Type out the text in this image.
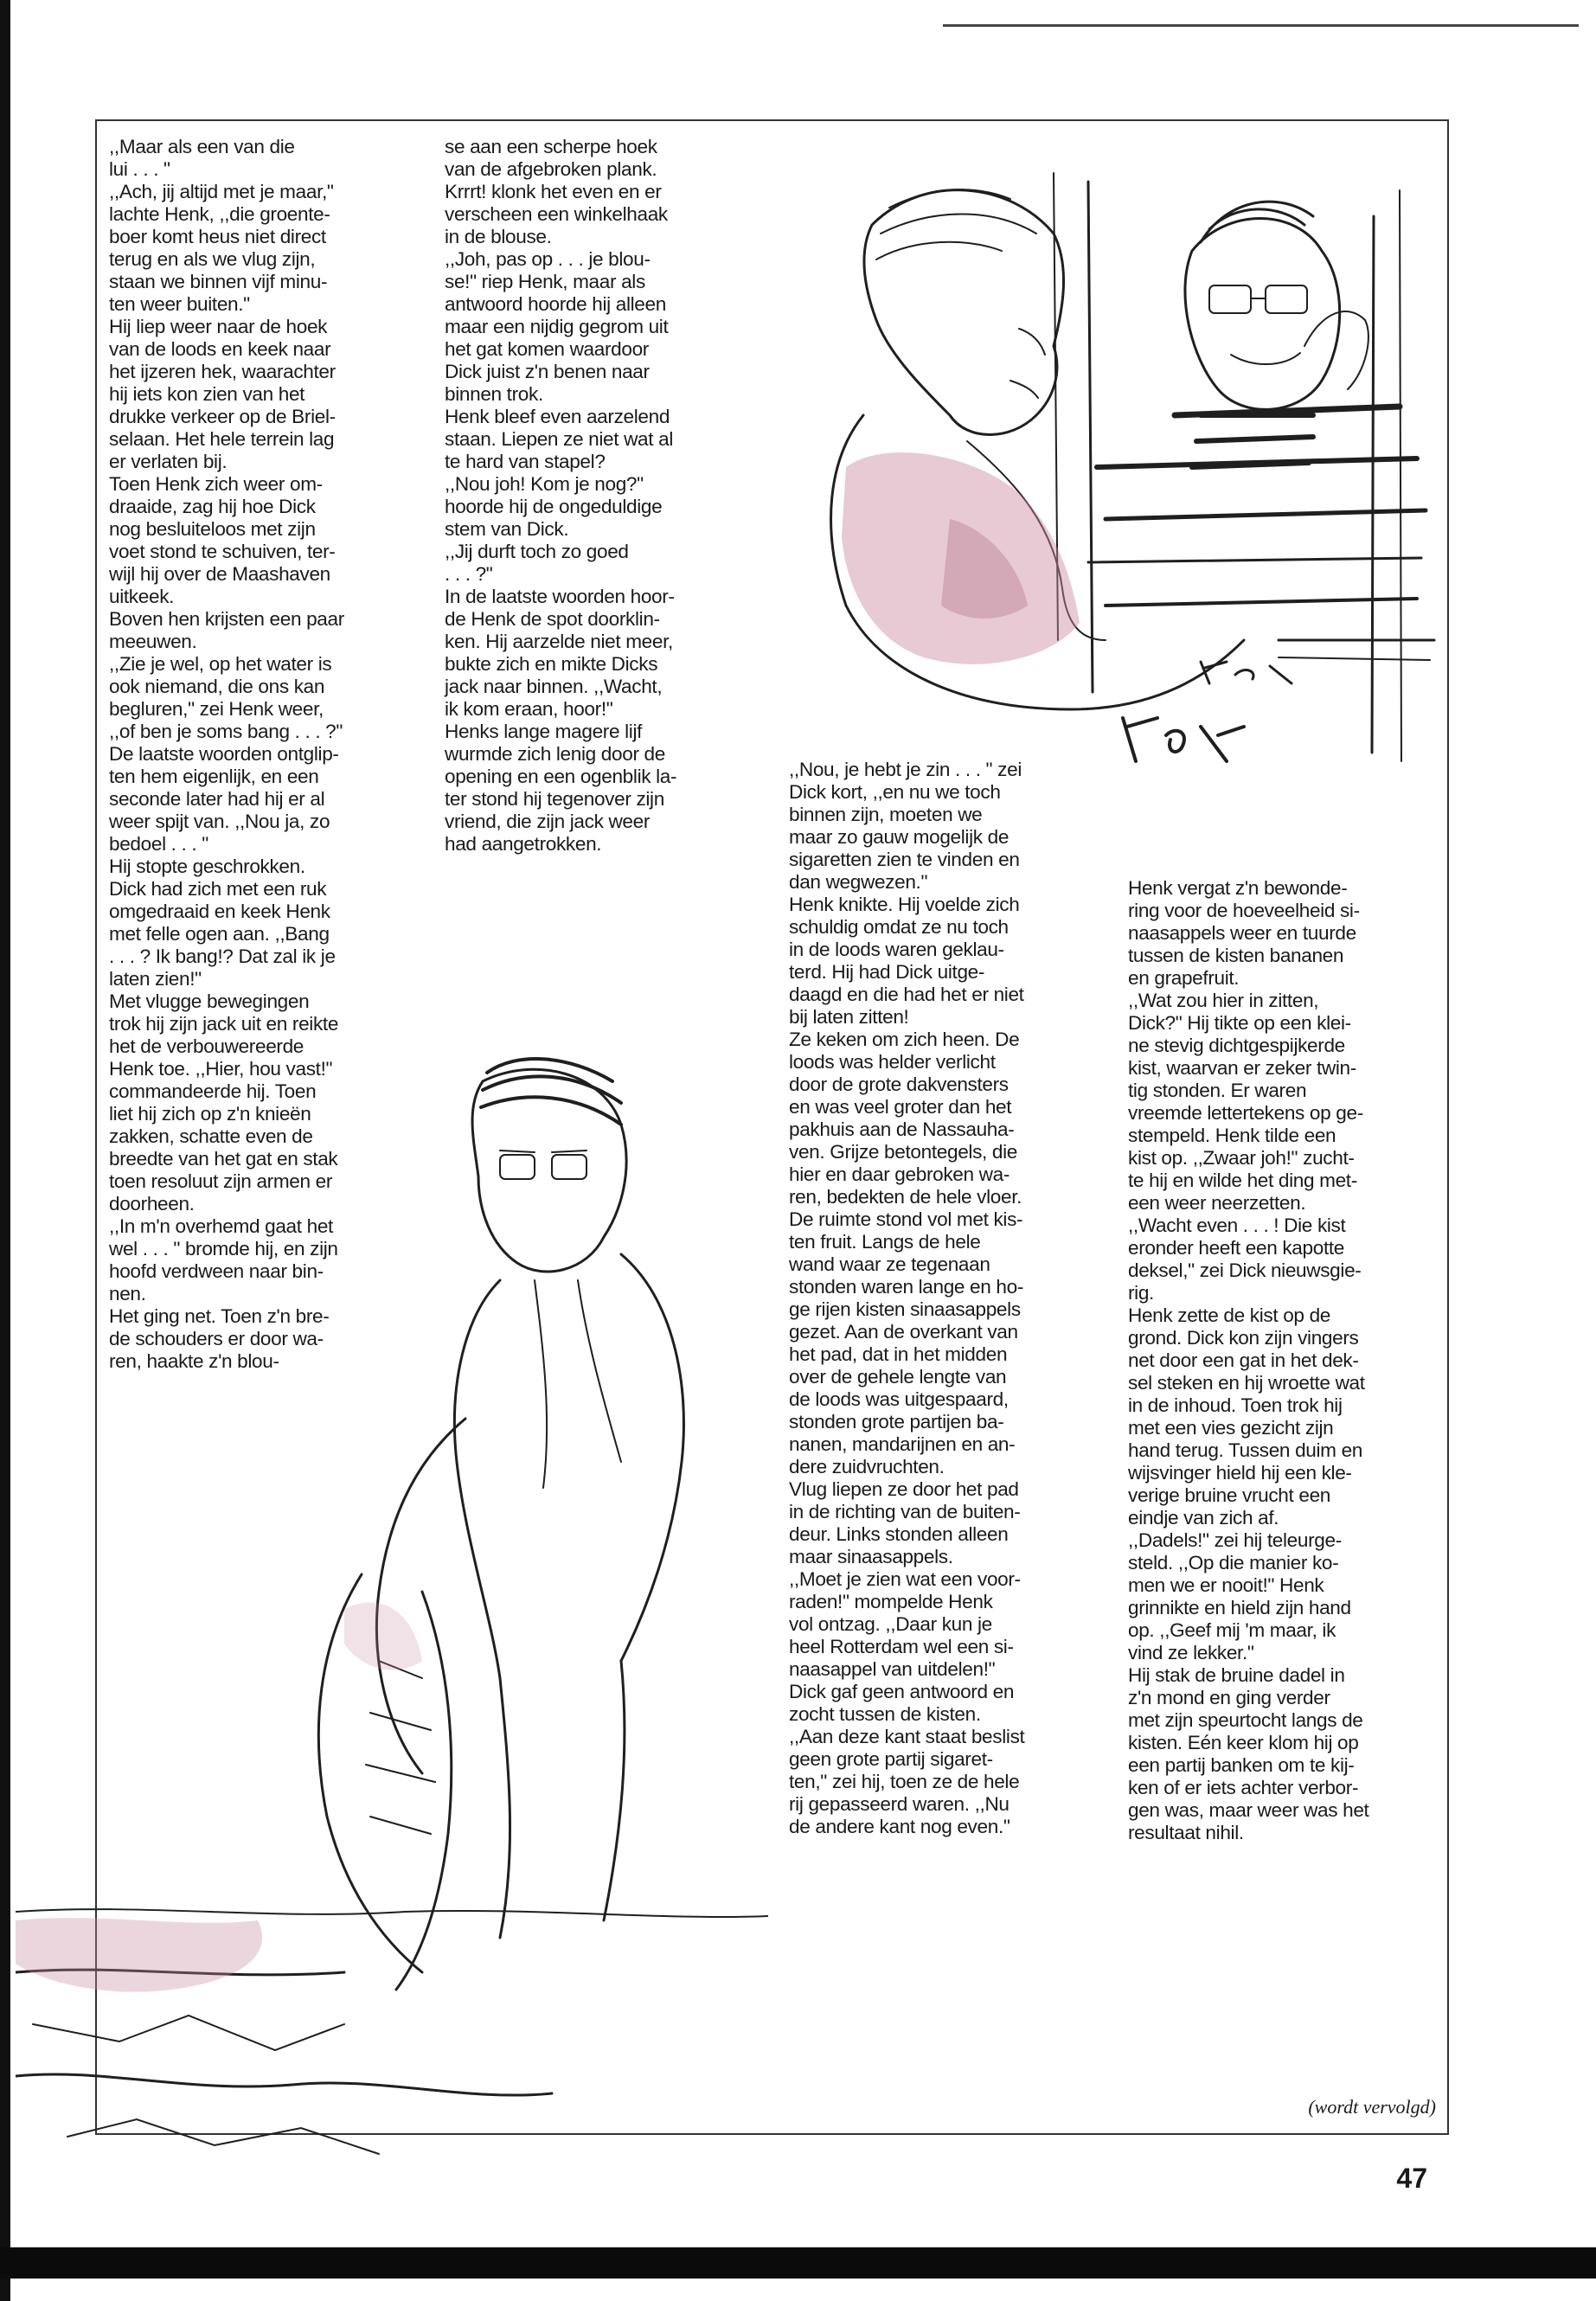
,,Maar als een van die

lui . . . "

,,Ach, jij altijd met je maar,"

lachte Henk, ,,die groente-

boer komt heus niet direct

terug en als we vlug zijn,

staan we binnen vijf minu-

ten weer buiten."

Hij liep weer naar de hoek

van de loods en keek naar

het ijzeren hek, waarachter

hij iets kon zien van het

drukke verkeer op de Briel-

selaan. Het hele terrein lag

er verlaten bij.

Toen Henk zich weer om-

draaide, zag hij hoe Dick

nog besluiteloos met zijn

voet stond te schuiven, ter-

wijl hij over de Maashaven

uitkeek.

Boven hen krijsten een paar

meeuwen.

,,Zie je wel, op het water is

ook niemand, die ons kan

begluren," zei Henk weer,

,,of ben je soms bang . . . ?"

De laatste woorden ontglip-

ten hem eigenlijk, en een

seconde later had hij er al

weer spijt van. ,,Nou ja, zo

bedoel . . . "

Hij stopte geschrokken.

Dick had zich met een ruk

omgedraaid en keek Henk

met felle ogen aan. ,,Bang

. . . ? Ik bang!? Dat zal ik je

laten zien!"

Met vlugge bewegingen

trok hij zijn jack uit en reikte

het de verbouwereerde

Henk toe. ,,Hier, hou vast!"

commandeerde hij. Toen

liet hij zich op z'n knieën

zakken, schatte even de

breedte van het gat en stak

toen resoluut zijn armen er

doorheen.

,,In m'n overhemd gaat het

wel . . . " bromde hij, en zijn

hoofd verdween naar bin-

nen.

Het ging net. Toen z'n bre-

de schouders er door wa-

ren, haakte z'n blou-

se aan een scherpe hoek

van de afgebroken plank.

Krrrt! klonk het even en er

verscheen een winkelhaak

in de blouse.

,,Joh, pas op . . . je blou-

se!" riep Henk, maar als

antwoord hoorde hij alleen

maar een nijdig gegrom uit

het gat komen waardoor

Dick juist z'n benen naar

binnen trok.

Henk bleef even aarzelend

staan. Liepen ze niet wat al

te hard van stapel?

,,Nou joh! Kom je nog?"

hoorde hij de ongeduldige

stem van Dick.

,,Jij durft toch zo goed

. . . ?"

In de laatste woorden hoor-

de Henk de spot doorklin-

ken. Hij aarzelde niet meer,

bukte zich en mikte Dicks

jack naar binnen. ,,Wacht,

ik kom eraan, hoor!"

Henks lange magere lijf

wurmde zich lenig door de

opening en een ogenblik la-

ter stond hij tegenover zijn

vriend, die zijn jack weer

had aangetrokken.

,,Nou, je hebt je zin . . . " zei

Dick kort, ,,en nu we toch

binnen zijn, moeten we

maar zo gauw mogelijk de

sigaretten zien te vinden en

dan wegwezen."

Henk knikte. Hij voelde zich

schuldig omdat ze nu toch

in de loods waren geklau-

terd. Hij had Dick uitge-

daagd en die had het er niet

bij laten zitten!

Ze keken om zich heen. De

loods was helder verlicht

door de grote dakvensters

en was veel groter dan het

pakhuis aan de Nassauha-

ven. Grijze betontegels, die

hier en daar gebroken wa-

ren, bedekten de hele vloer.

De ruimte stond vol met kis-

ten fruit. Langs de hele

wand waar ze tegenaan

stonden waren lange en ho-

ge rijen kisten sinaasappels

gezet. Aan de overkant van

het pad, dat in het midden

over de gehele lengte van

de loods was uitgespaard,

stonden grote partijen ba-

nanen, mandarijnen en an-

dere zuidvruchten.

Vlug liepen ze door het pad

in de richting van de buiten-

deur. Links stonden alleen

maar sinaasappels.

,,Moet je zien wat een voor-

raden!" mompelde Henk

vol ontzag. ,,Daar kun je

heel Rotterdam wel een si-

naasappel van uitdelen!"

Dick gaf geen antwoord en

zocht tussen de kisten.

,,Aan deze kant staat beslist

geen grote partij sigaret-

ten," zei hij, toen ze de hele

rij gepasseerd waren. ,,Nu

de andere kant nog even."

Henk vergat z'n bewonde-

ring voor de hoeveelheid si-

naasappels weer en tuurde

tussen de kisten bananen

en grapefruit.

,,Wat zou hier in zitten,

Dick?" Hij tikte op een klei-

ne stevig dichtgespijkerde

kist, waarvan er zeker twin-

tig stonden. Er waren

vreemde lettertekens op ge-

stempeld. Henk tilde een

kist op. ,,Zwaar joh!" zucht-

te hij en wilde het ding met-

een weer neerzetten.

,,Wacht even . . . ! Die kist

eronder heeft een kapotte

deksel," zei Dick nieuwsgie-

rig.

Henk zette de kist op de

grond. Dick kon zijn vingers

net door een gat in het dek-

sel steken en hij wroette wat

in de inhoud. Toen trok hij

met een vies gezicht zijn

hand terug. Tussen duim en

wijsvinger hield hij een kle-

verige bruine vrucht een

eindje van zich af.

,,Dadels!" zei hij teleurge-

steld. ,,Op die manier ko-

men we er nooit!" Henk

grinnikte en hield zijn hand

op. ,,Geef mij 'm maar, ik

vind ze lekker."

Hij stak de bruine dadel in

z'n mond en ging verder

met zijn speurtocht langs de

kisten. Eén keer klom hij op

een partij banken om te kij-

ken of er iets achter verbor-

gen was, maar weer was het

resultaat nihil.

(wordt vervolgd)
47
